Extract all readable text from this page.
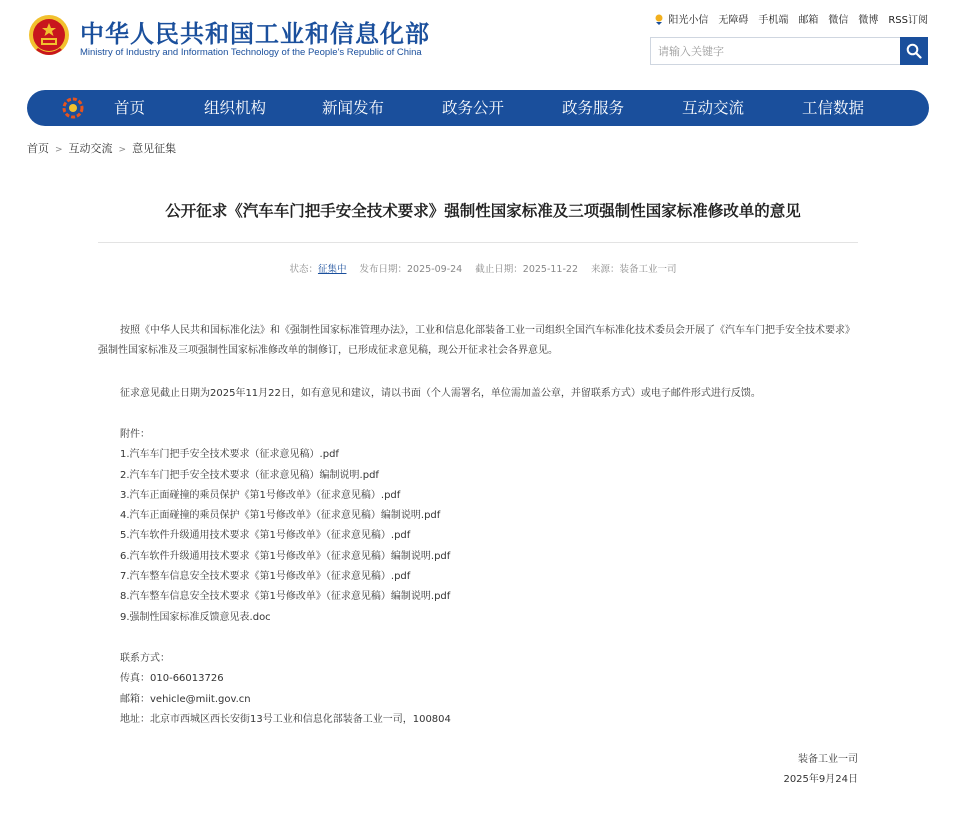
中华人民共和国工业和信息化部
Ministry of Industry and Information Technology of the People's Republic of China
阳光小信 无障碍 手机端 邮箱 微信 微博 RSS订阅
请输入关键字
首页	组织机构	新闻发布	政务公开	政务服务	互动交流	工信数据
首页 > 互动交流 > 意见征集
公开征求《汽车车门把手安全技术要求》强制性国家标准及三项强制性国家标准修改单的意见
状态：征集中 发布日期：2025-09-24 截止日期：2025-11-22 来源：装备工业一司
按照《中华人民共和国标准化法》和《强制性国家标准管理办法》，工业和信息化部装备工业一司组织全国汽车标准化技术委员会开展了《汽车车门把手安全技术要求》强制性国家标准及三项强制性国家标准修改单的制修订，已形成征求意见稿，现公开征求社会各界意见。
征求意见截止日期为2025年11月22日，如有意见和建议，请以书面（个人需署名，单位需加盖公章，并留联系方式）或电子邮件形式进行反馈。
附件：
1.汽车车门把手安全技术要求（征求意见稿）.pdf
2.汽车车门把手安全技术要求（征求意见稿）编制说明.pdf
3.汽车正面碰撞的乘员保护《第1号修改单》（征求意见稿）.pdf
4.汽车正面碰撞的乘员保护《第1号修改单》（征求意见稿）编制说明.pdf
5.汽车软件升级通用技术要求《第1号修改单》（征求意见稿）.pdf
6.汽车软件升级通用技术要求《第1号修改单》（征求意见稿）编制说明.pdf
7.汽车整车信息安全技术要求《第1号修改单》（征求意见稿）.pdf
8.汽车整车信息安全技术要求《第1号修改单》（征求意见稿）编制说明.pdf
9.强制性国家标准反馈意见表.doc
联系方式：
传真：010-66013726
邮箱：vehicle@miit.gov.cn
地址：北京市西城区西长安街13号工业和信息化部装备工业一司，100804
装备工业一司
2025年9月24日
